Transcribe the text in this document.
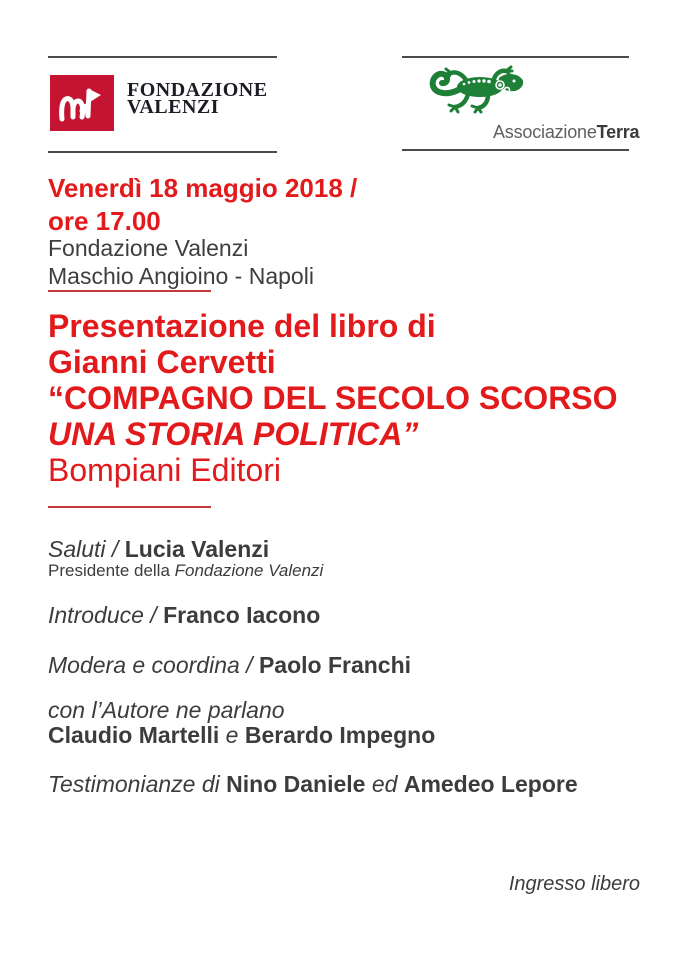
FONDAZIONE
VALENZI
AssociazioneTerra
Venerdì 18 maggio 2018 /
ore 17.00
Fondazione Valenzi
Maschio Angioino - Napoli
Presentazione del libro di
Gianni Cervetti
“COMPAGNO DEL SECOLO SCORSO
UNA STORIA POLITICA”
Bompiani Editori
Saluti / Lucia Valenzi
Presidente della Fondazione Valenzi
Introduce / Franco Iacono
Modera e coordina / Paolo Franchi
con l’Autore ne parlano
Claudio Martelli e Berardo Impegno
Testimonianze di Nino Daniele ed Amedeo Lepore
Ingresso libero
